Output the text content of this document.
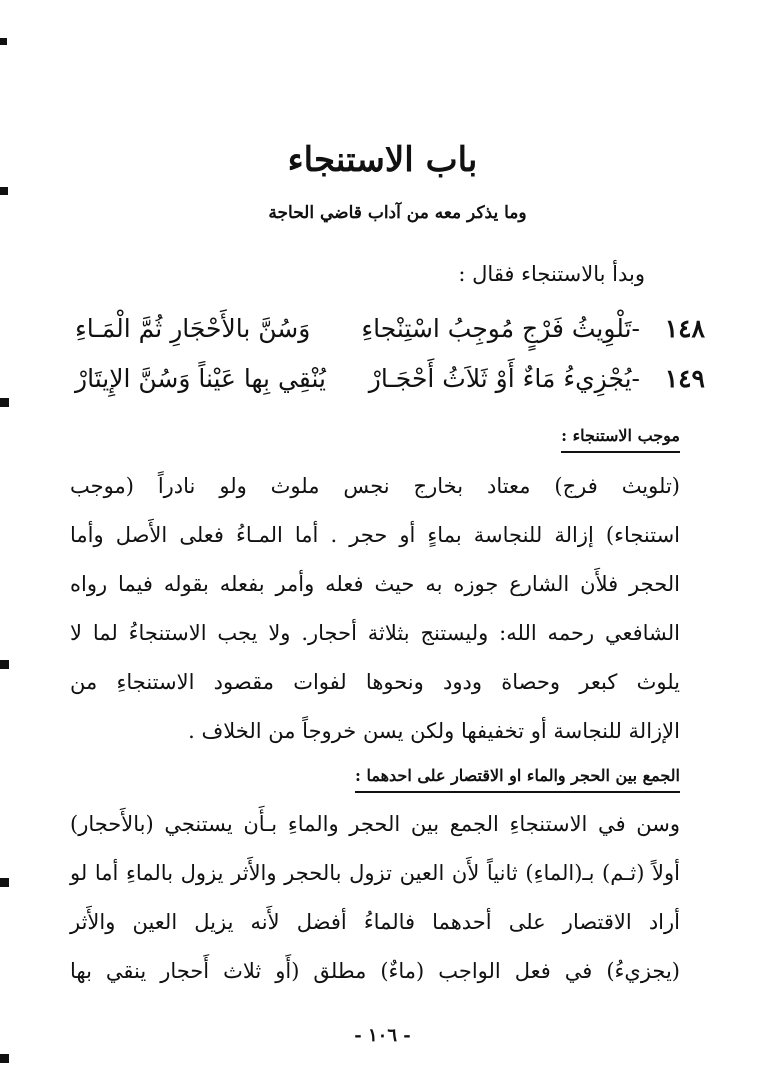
باب الاستنجاء
وما يذكر معه من آداب قاضي الحاجة
وبدأ بالاستنجاء فقال :
١٤٨
-تَلْوِيثُ فَرْجٍ مُوجِبُ اسْتِنْجاءِ
وَسُنَّ بالأَحْجَارِ ثُمَّ الْمَـاءِ
١٤٩
-يُجْزِيءُ مَاءٌ أَوْ ثَلاَثُ أَحْجَـارْ
يُنْقِي بِها عَيْناً وَسُنَّ الإِيتَارْ
موجب الاستنجاء :
(تلويث فرج) معتاد بخارج نجس ملوث ولو نادراً (موجب
استنجاء) إزالة للنجاسة بماءٍ أو حجر . أما المـاءُ فعلى الأَصل وأما
الحجر فلأَن الشارع جوزه به حيث فعله وأمر بفعله بقوله فيما رواه
الشافعي رحمه الله: وليستنج بثلاثة أحجار. ولا يجب الاستنجاءُ لما لا
يلوث كبعر وحصاة ودود ونحوها لفوات مقصود الاستنجاءِ من
الإزالة للنجاسة أو تخفيفها ولكن يسن خروجاً من الخلاف .
الجمع بين الحجر والماء او الاقتصار على احدهما :
وسن في الاستنجاءِ الجمع بين الحجر والماءِ بـأَن يستنجي (بالأَحجار)
أولاً (ثـم) بـ(الماءِ) ثانياً لأَن العين تزول بالحجر والأَثر يزول بالماءِ أما لو
أراد الاقتصار على أحدهما فالماءُ أفضل لأَنه يزيل العين والأَثر
(يجزيءُ) في فعل الواجب (ماءٌ) مطلق (أَو ثلاث أَحجار ينقي بها
- ١٠٦ -
